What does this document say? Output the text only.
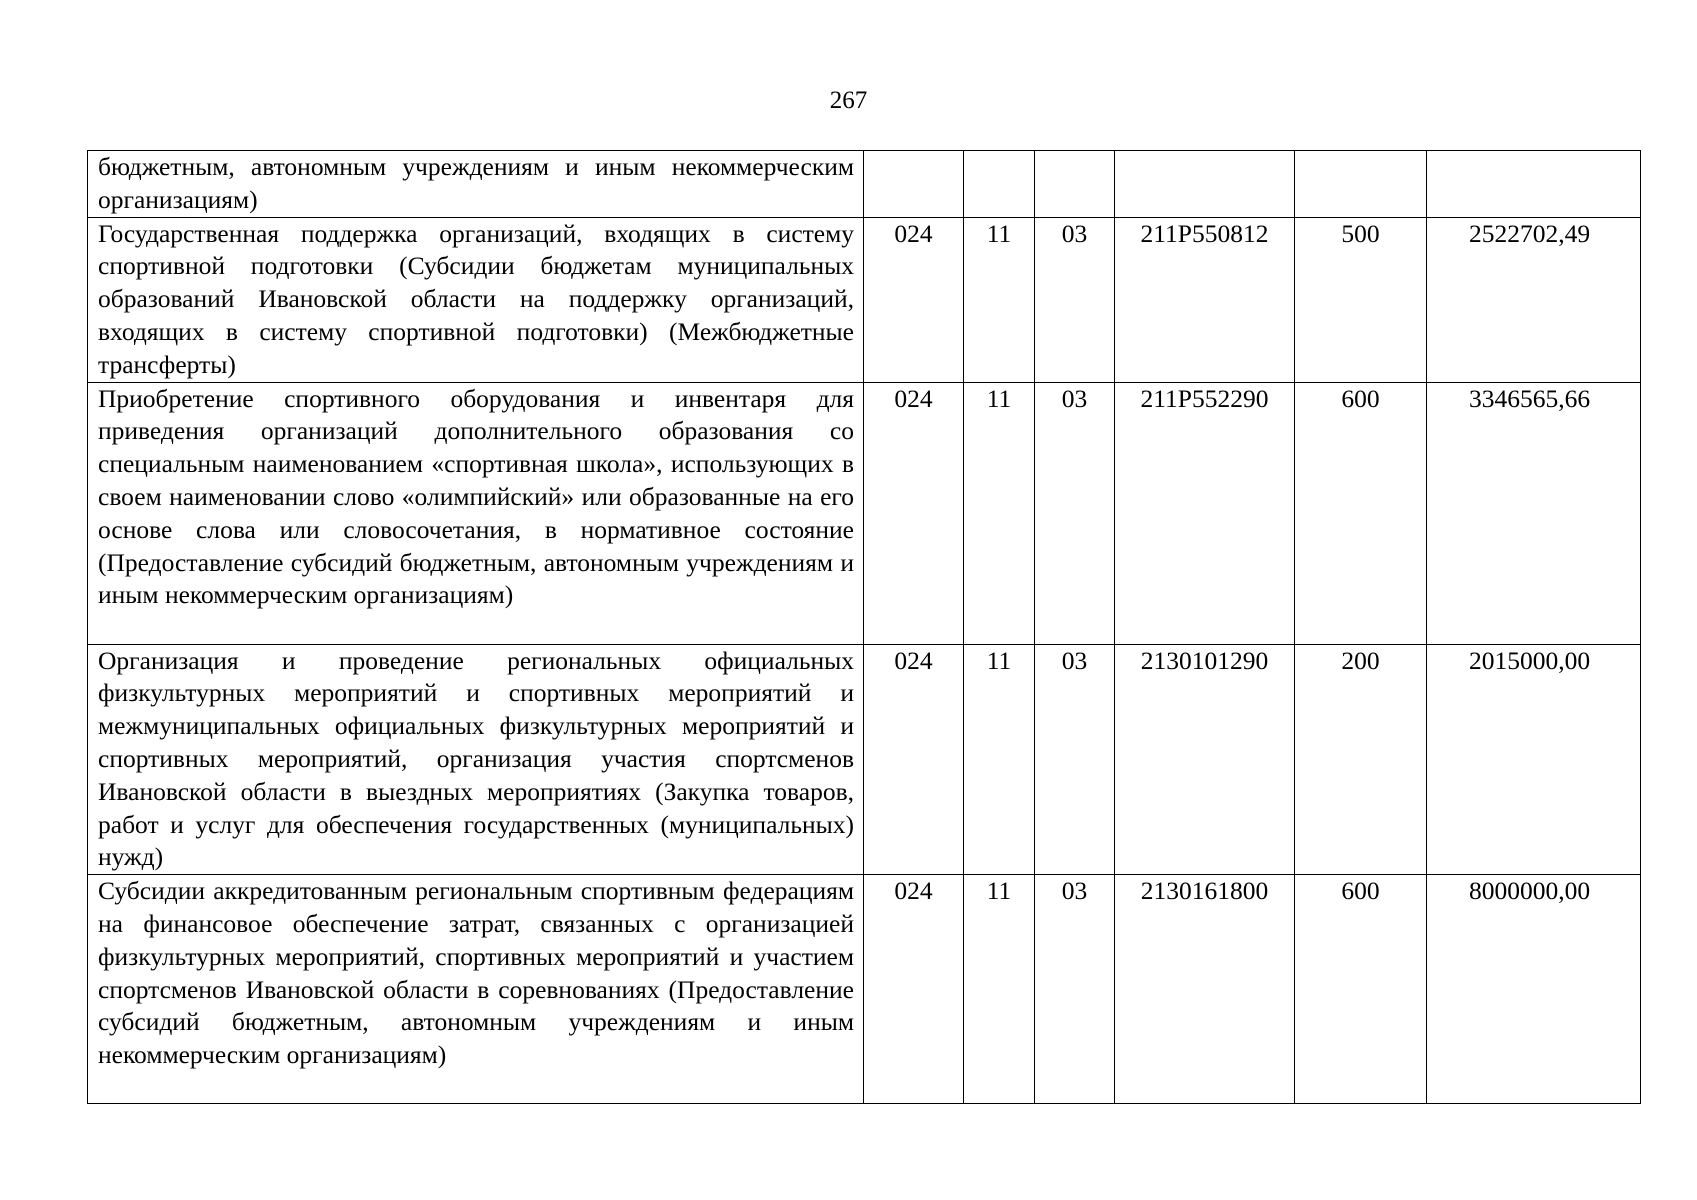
267
бюджетным, автономным учреждениям и иным некоммерческим организациям)						
Государственная поддержка организаций, входящих в систему спортивной подготовки (Субсидии бюджетам муниципальных образований Ивановской области на поддержку организаций, входящих в систему спортивной подготовки) (Межбюджетные трансферты)	024	11	03	211P550812	500	2522702,49
Приобретение спортивного оборудования и инвентаря для приведения организаций дополнительного образования со специальным наименованием «спортивная школа», использующих в своем наименовании слово «олимпийский» или образованные на его основе слова или словосочетания, в нормативное состояние (Предоставление субсидий бюджетным, автономным учреждениям и иным некоммерческим организациям)	024	11	03	211P552290	600	3346565,66
Организация и проведение региональных официальных физкультурных мероприятий и спортивных мероприятий и межмуниципальных официальных физкультурных мероприятий и спортивных мероприятий, организация участия спортсменов Ивановской области в выездных мероприятиях (Закупка товаров, работ и услуг для обеспечения государственных (муниципальных) нужд)	024	11	03	2130101290	200	2015000,00
Субсидии аккредитованным региональным спортивным федерациям на финансовое обеспечение затрат, связанных с организацией физкультурных мероприятий, спортивных мероприятий и участием спортсменов Ивановской области в соревнованиях (Предоставление субсидий бюджетным, автономным учреждениям и иным некоммерческим организациям)	024	11	03	2130161800	600	8000000,00
